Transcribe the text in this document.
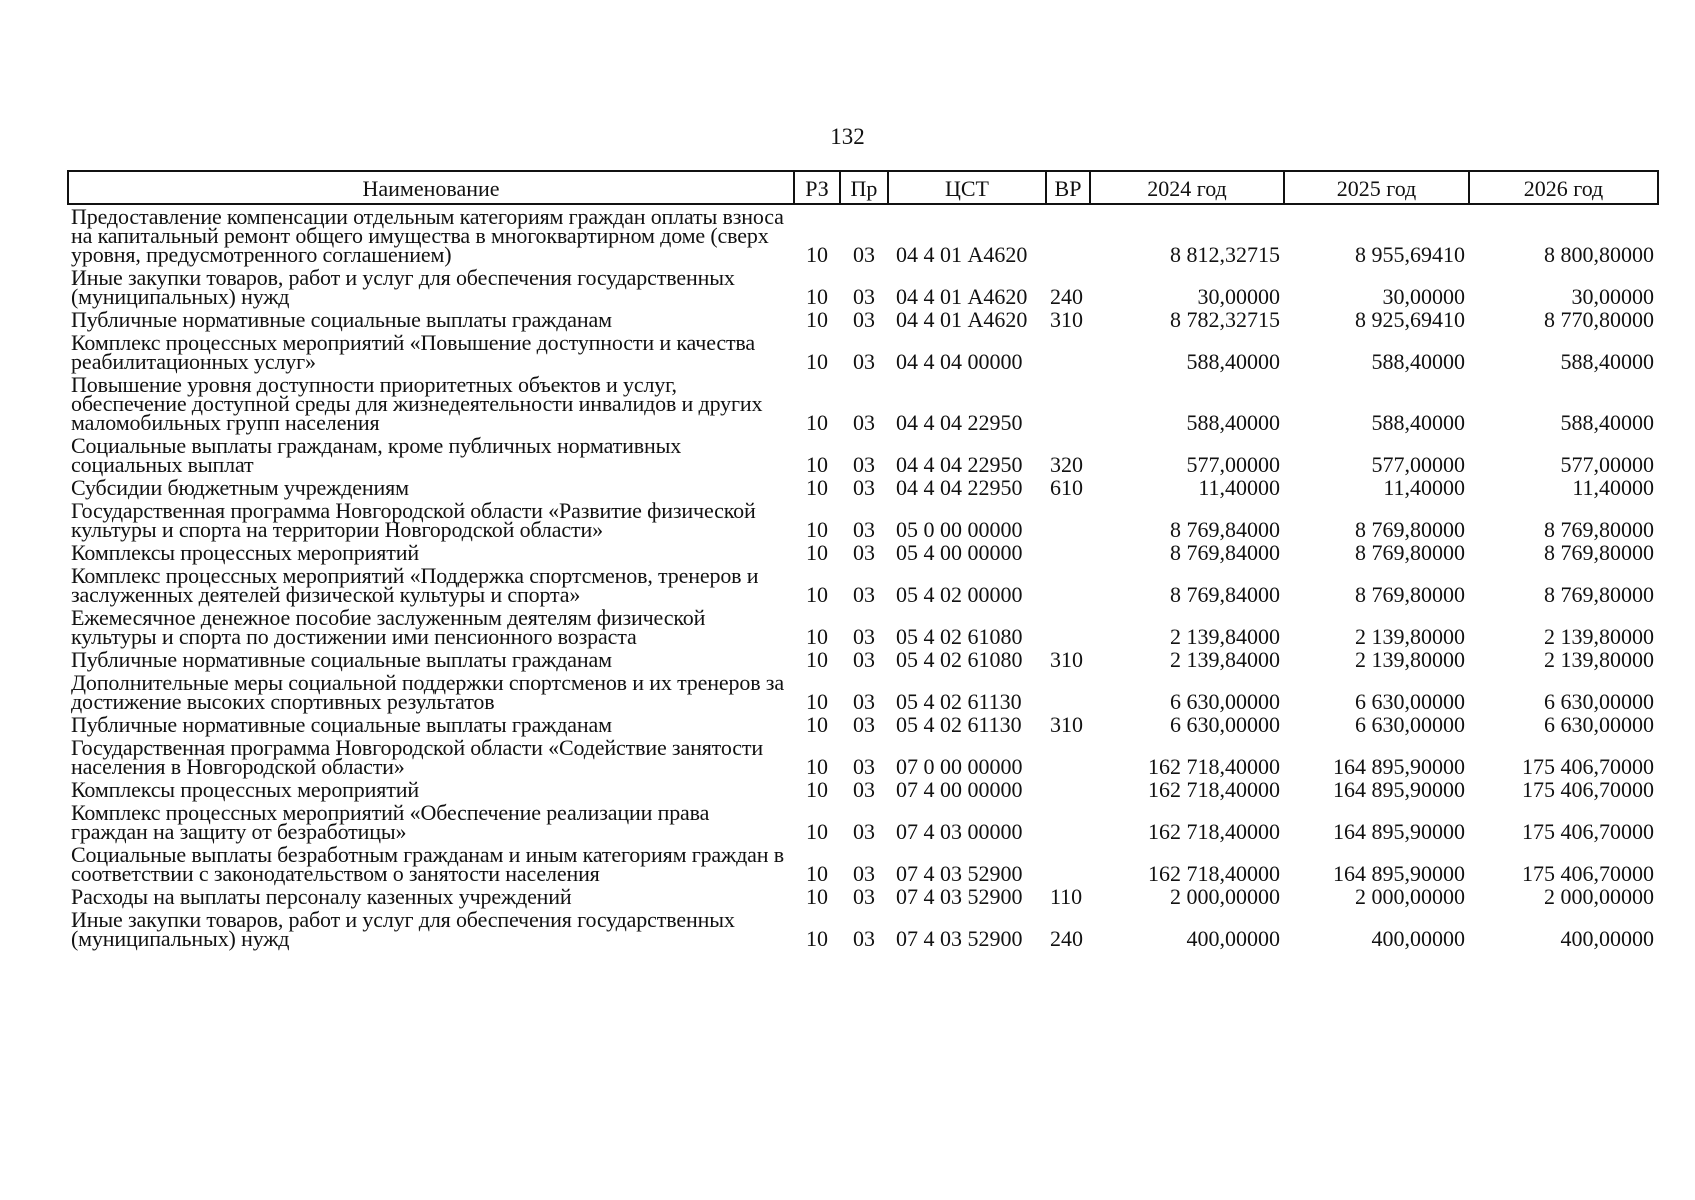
132
Наименование	РЗ	Пр	ЦСТ	ВР	2024 год	2025 год	2026 год
Предоставление компенсации отдельным категориям граждан оплаты взноса на капитальный ремонт общего имущества в многоквартирном доме (сверх уровня, предусмотренного соглашением)	10	03	04 4 01 А4620		8 812,32715	8 955,69410	8 800,80000
Иные закупки товаров, работ и услуг для обеспечения государственных (муниципальных) нужд	10	03	04 4 01 А4620	240	30,00000	30,00000	30,00000
Публичные нормативные социальные выплаты гражданам	10	03	04 4 01 А4620	310	8 782,32715	8 925,69410	8 770,80000
Комплекс процессных мероприятий «Повышение доступности и качества реабилитационных услуг»	10	03	04 4 04 00000		588,40000	588,40000	588,40000
Повышение уровня доступности приоритетных объектов и услуг, обеспечение доступной среды для жизнедеятельности инвалидов и других маломобильных групп населения	10	03	04 4 04 22950		588,40000	588,40000	588,40000
Социальные выплаты гражданам, кроме публичных нормативных социальных выплат	10	03	04 4 04 22950	320	577,00000	577,00000	577,00000
Субсидии бюджетным учреждениям	10	03	04 4 04 22950	610	11,40000	11,40000	11,40000
Государственная программа Новгородской области «Развитие физической культуры и спорта на территории Новгородской области»	10	03	05 0 00 00000		8 769,84000	8 769,80000	8 769,80000
Комплексы процессных мероприятий	10	03	05 4 00 00000		8 769,84000	8 769,80000	8 769,80000
Комплекс процессных мероприятий «Поддержка спортсменов, тренеров и заслуженных деятелей физической культуры и спорта»	10	03	05 4 02 00000		8 769,84000	8 769,80000	8 769,80000
Ежемесячное денежное пособие заслуженным деятелям физической культуры и спорта по достижении ими пенсионного возраста	10	03	05 4 02 61080		2 139,84000	2 139,80000	2 139,80000
Публичные нормативные социальные выплаты гражданам	10	03	05 4 02 61080	310	2 139,84000	2 139,80000	2 139,80000
Дополнительные меры социальной поддержки спортсменов и их тренеров за достижение высоких спортивных результатов	10	03	05 4 02 61130		6 630,00000	6 630,00000	6 630,00000
Публичные нормативные социальные выплаты гражданам	10	03	05 4 02 61130	310	6 630,00000	6 630,00000	6 630,00000
Государственная программа Новгородской области «Содействие занятости населения в Новгородской области»	10	03	07 0 00 00000		162 718,40000	164 895,90000	175 406,70000
Комплексы процессных мероприятий	10	03	07 4 00 00000		162 718,40000	164 895,90000	175 406,70000
Комплекс процессных мероприятий «Обеспечение реализации права граждан на защиту от безработицы»	10	03	07 4 03 00000		162 718,40000	164 895,90000	175 406,70000
Социальные выплаты безработным гражданам и иным категориям граждан в соответствии с законодательством о занятости населения	10	03	07 4 03 52900		162 718,40000	164 895,90000	175 406,70000
Расходы на выплаты персоналу казенных учреждений	10	03	07 4 03 52900	110	2 000,00000	2 000,00000	2 000,00000
Иные закупки товаров, работ и услуг для обеспечения государственных (муниципальных) нужд	10	03	07 4 03 52900	240	400,00000	400,00000	400,00000
